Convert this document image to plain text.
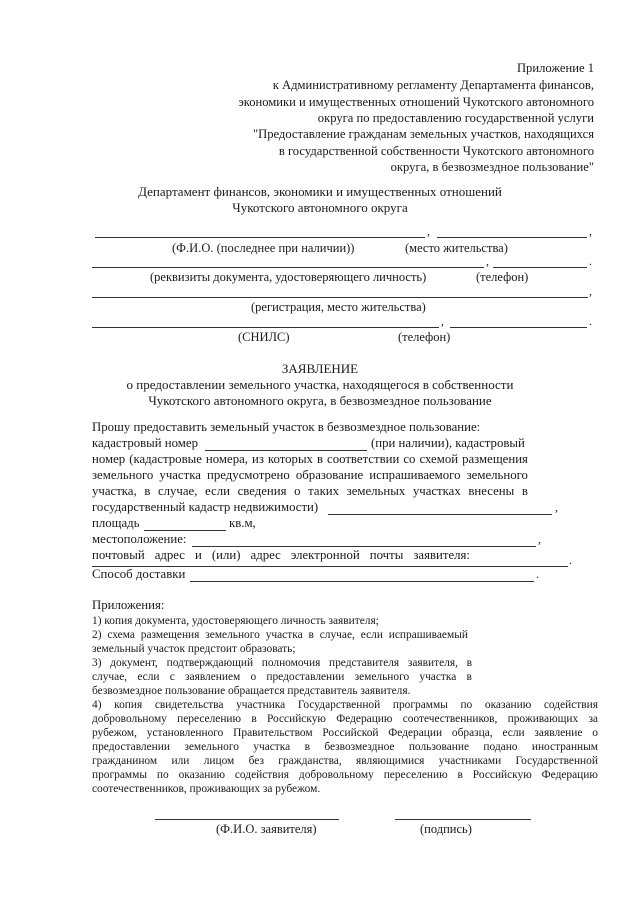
Приложение 1
к Административному регламенту Департамента финансов,
экономики и имущественных отношений Чукотского автономного
округа по предоставлению государственной услуги
"Предоставление гражданам земельных участков, находящихся
в государственной собственности Чукотского автономного
округа, в безвозмездное пользование"
Департамент финансов, экономики и имущественных отношений
Чукотского автономного округа
,	,
(Ф.И.О. (последнее при наличии))	(место жительства)
,	.
(реквизиты документа, удостоверяющего личность)	(телефон)
,
(регистрация, место жительства)
,	.
(СНИЛС)	(телефон)
ЗАЯВЛЕНИЕ
о предоставлении земельного участка, находящегося в собственности
Чукотского автономного округа, в безвозмездное пользование
Прошу предоставить земельный участок в безвозмездное пользование:
кадастровый номер	(при наличии), кадастровый
номер (кадастровые номера, из которых в соответствии со схемой размещения
земельного участка предусмотрено образование испрашиваемого земельного
участка, в случае, если сведения о таких земельных участках внесены в
государственный кадастр недвижимости)	,
площадь	кв.м,
местоположение:	,
почтовый адрес и (или) адрес электронной почты заявителя:	.
Способ доставки	.
Приложения:
1) копия документа, удостоверяющего личность заявителя;
2) схема размещения земельного участка в случае, если испрашиваемый
земельный участок предстоит образовать;
3) документ, подтверждающий полномочия представителя заявителя, в
случае, если с заявлением о предоставлении земельного участка в
безвозмездное пользование обращается представитель заявителя.
4) копия свидетельства участника Государственной программы по оказанию содействия
добровольному переселению в Российскую Федерацию соотечественников, проживающих за
рубежом, установленного Правительством Российской Федерации образца, если заявление о
предоставлении земельного участка в безвозмездное пользование подано иностранным
гражданином или лицом без гражданства, являющимися участниками Государственной
программы по оказанию содействия добровольному переселению в Российскую Федерацию
соотечественников, проживающих за рубежом.
(Ф.И.О. заявителя)	(подпись)
